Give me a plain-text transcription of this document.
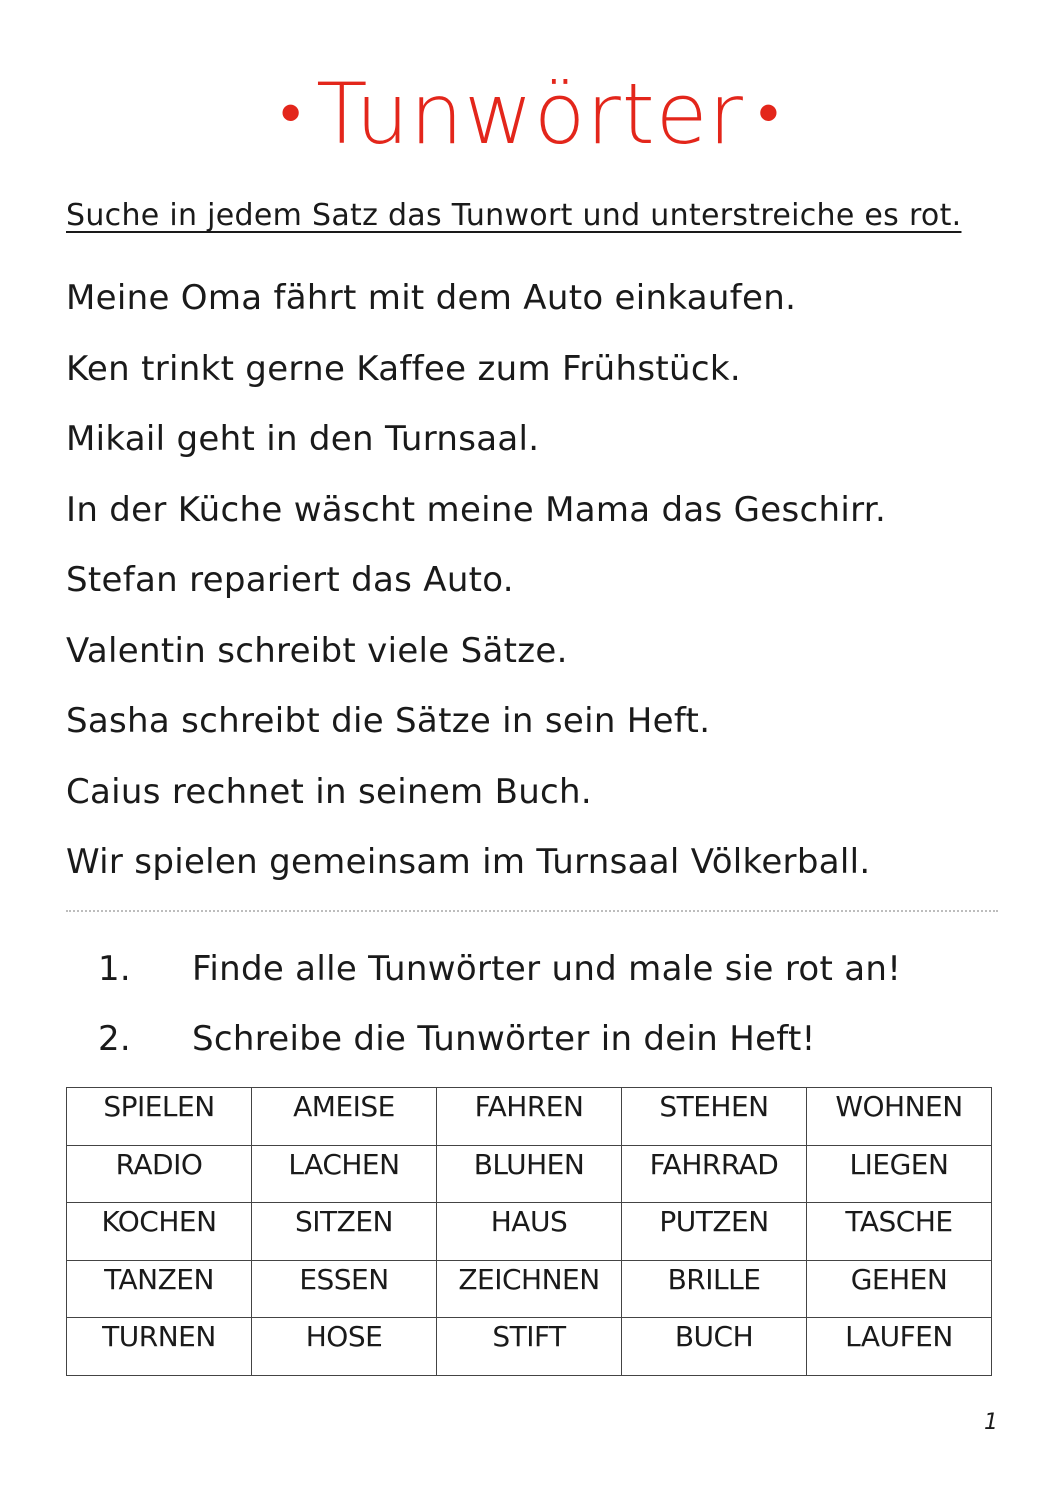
• Tunwörter •
Suche in jedem Satz das Tunwort und unterstreiche es rot.
Meine Oma fährt mit dem Auto einkaufen.
Ken trinkt gerne Kaffee zum Frühstück.
Mikail geht in den Turnsaal.
In der Küche wäscht meine Mama das Geschirr.
Stefan repariert das Auto.
Valentin schreibt viele Sätze.
Sasha schreibt die Sätze in sein Heft.
Caius rechnet in seinem Buch.
Wir spielen gemeinsam im Turnsaal Völkerball.
1. Finde alle Tunwörter und male sie rot an!
2. Schreibe die Tunwörter in dein Heft!
SPIELEN	AMEISE	FAHREN	STEHEN	WOHNEN
RADIO	LACHEN	BLUHEN	FAHRRAD	LIEGEN
KOCHEN	SITZEN	HAUS	PUTZEN	TASCHE
TANZEN	ESSEN	ZEICHNEN	BRILLE	GEHEN
TURNEN	HOSE	STIFT	BUCH	LAUFEN
1
